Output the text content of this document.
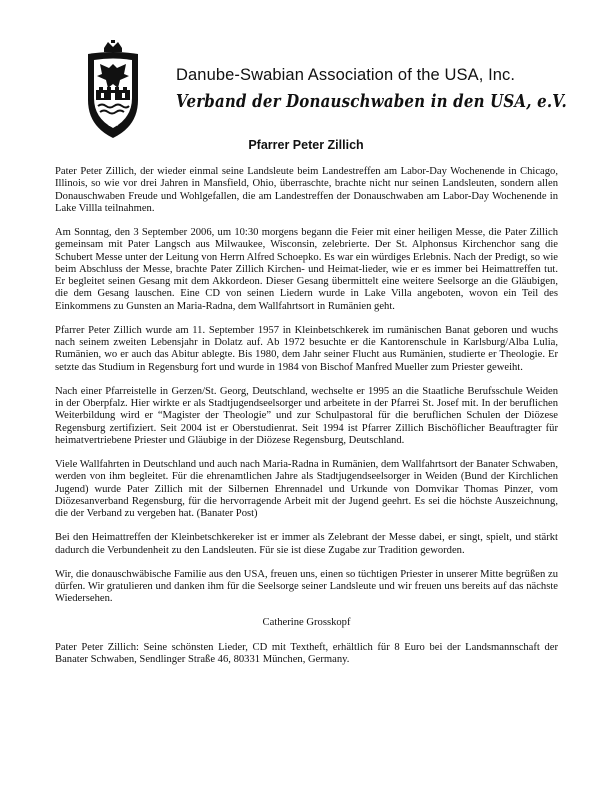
USA
Danube-Swabian Association of the USA, Inc.
Verband der Donauschwaben in den USA, e.V.
Pfarrer Peter Zillich

Pater Peter Zillich, der wieder einmal seine Landsleute beim Landestreffen am Labor-Day Wochenende in Chicago, Illinois, so wie vor drei Jahren in Mansfield, Ohio, überraschte, brachte nicht nur seinen Landsleuten, sondern allen Donauschwaben Freude und Wohlgefallen, die am Landestreffen der Donauschwaben am Labor-Day Wochenende in Lake Villla teilnahmen.

Am Sonntag, den 3 September 2006, um 10:30 morgens begann die Feier mit einer heiligen Messe, die Pater Zillich gemeinsam mit Pater Langsch aus Milwaukee, Wisconsin, zelebrierte. Der St. Alphonsus Kirchenchor sang die Schubert Messe unter der Leitung von Herrn Alfred Schoepko. Es war ein würdiges Erlebnis. Nach der Predigt, so wie beim Abschluss der Messe, brachte Pater Zillich Kirchen- und Heimat-lieder, wie er es immer bei Heimattreffen tut. Er begleitet seinen Gesang mit dem Akkordeon. Dieser Gesang übermittelt eine weitere Seelsorge an die Gläubigen, die dem Gesang lauschen. Eine CD von seinen Liedern wurde in Lake Villa angeboten, wovon ein Teil des Einkommens zu Gunsten an Maria-Radna, dem Wallfahrtsort in Rumänien geht.

Pfarrer Peter Zillich wurde am 11. September 1957 in Kleinbetschkerek im rumänischen Banat geboren und wuchs nach seinem zweiten Lebensjahr in Dolatz auf. Ab 1972 besuchte er die Kantorenschule in Karlsburg/Alba Lulia, Rumänien, wo er auch das Abitur ablegte. Bis 1980, dem Jahr seiner Flucht aus Rumänien, studierte er Theologie. Er setzte das Studium in Regensburg fort und wurde in 1984 von Bischof Manfred Mueller zum Priester geweiht.

Nach einer Pfarreistelle in Gerzen/St. Georg, Deutschland, wechselte er 1995 an die Staatliche Berufsschule Weiden in der Oberpfalz. Hier wirkte er als Stadtjugendseelsorger und arbeitete in der Pfarrei St. Josef mit. In der beruflichen Weiterbildung wird er “Magister der Theologie” und zur Schulpastoral für die beruflichen Schulen der Diözese Regensburg zertifiziert. Seit 2004 ist er Oberstudienrat. Seit 1994 ist Pfarrer Zillich Bischöflicher Beauftragter für heimatvertriebene Priester und Gläubige in der Diözese Regensburg, Deutschland.

Viele Wallfahrten in Deutschland und auch nach Maria-Radna in Rumänien, dem Wallfahrtsort der Banater Schwaben, werden von ihm begleitet. Für die ehrenamtlichen Jahre als Stadtjugendseelsorger in Weiden (Bund der Kirchlichen Jugend) wurde Pater Zillich mit der Silbernen Ehrennadel und Urkunde von Domvikar Thomas Pinzer, vom Diözesanverband Regensburg, für die hervorragende Arbeit mit der Jugend geehrt. Es sei die höchste Auszeichnung, die der Verband zu vergeben hat. (Banater Post)

Bei den Heimattreffen der Kleinbetschkereker ist er immer als Zelebrant der Messe dabei, er singt, spielt, und stärkt dadurch die Verbundenheit zu den Landsleuten. Für sie ist diese Zugabe zur Tradition geworden.

Wir, die donauschwäbische Familie aus den USA, freuen uns, einen so tüchtigen Priester in unserer Mitte begrüßen zu dürfen. Wir gratulieren und danken ihm für die Seelsorge seiner Landsleute und wir freuen uns bereits auf das nächste Wiedersehen.

Catherine Grosskopf

Pater Peter Zillich: Seine schönsten Lieder, CD mit Textheft, erhältlich für 8 Euro bei der Landsmannschaft der Banater Schwaben, Sendlinger Straße 46, 80331 München, Germany.
